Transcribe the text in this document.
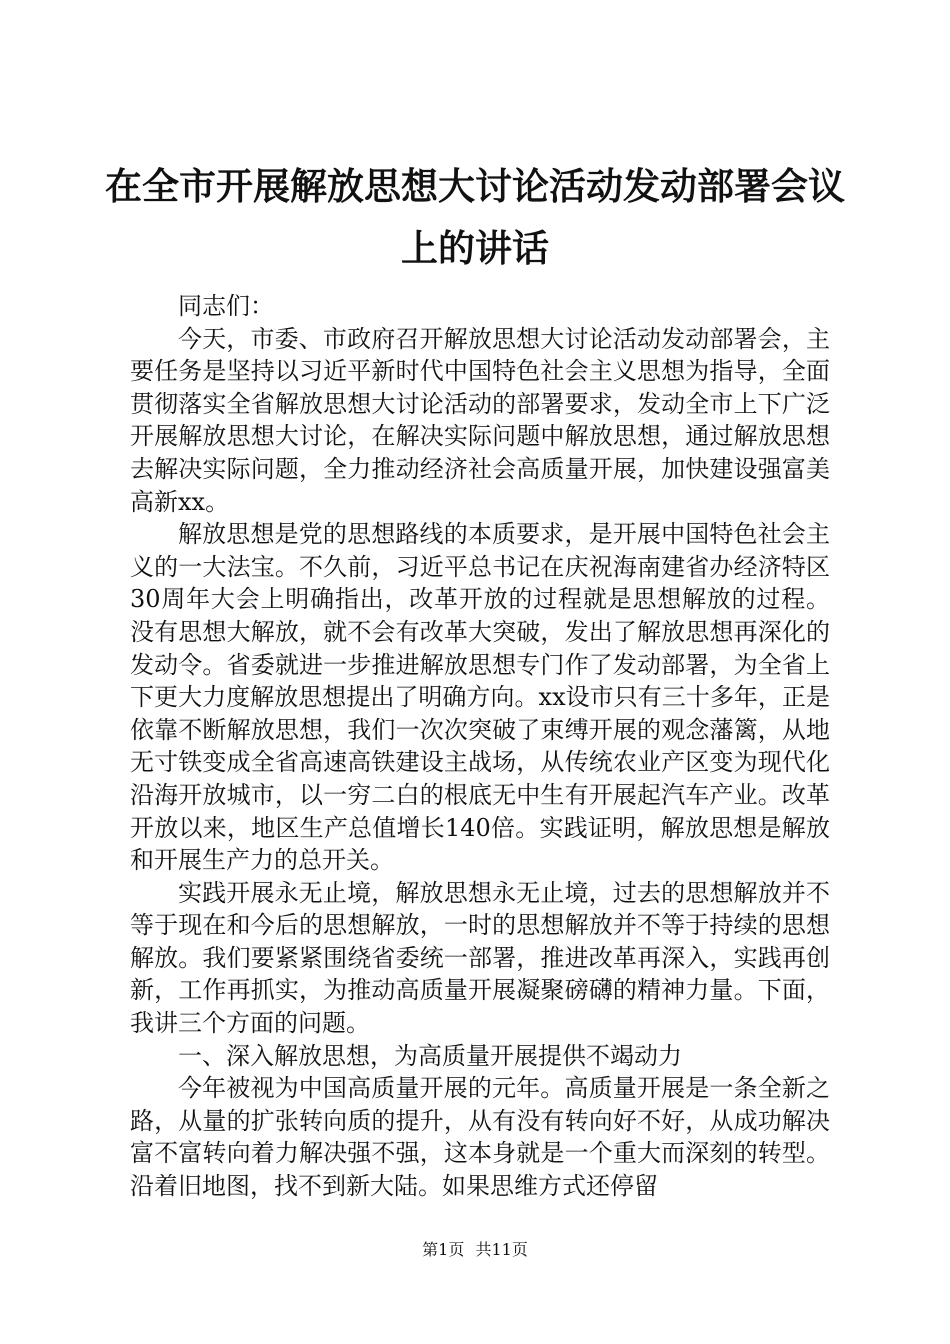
在全市开展解放思想大讨论活动发动部署会议上的讲话

同志们：

今天，市委、市政府召开解放思想大讨论活动发动部署会，主要任务是坚持以习近平新时代中国特色社会主义思想为指导，全面贯彻落实全省解放思想大讨论活动的部署要求，发动全市上下广泛开展解放思想大讨论，在解决实际问题中解放思想，通过解放思想去解决实际问题，全力推动经济社会高质量开展，加快建设强富美高新xx。

解放思想是党的思想路线的本质要求，是开展中国特色社会主义的一大法宝。不久前，习近平总书记在庆祝海南建省办经济特区30周年大会上明确指出，改革开放的过程就是思想解放的过程。没有思想大解放，就不会有改革大突破，发出了解放思想再深化的发动令。省委就进一步推进解放思想专门作了发动部署，为全省上下更大力度解放思想提出了明确方向。xx设市只有三十多年，正是依靠不断解放思想，我们一次次突破了束缚开展的观念藩篱，从地无寸铁变成全省高速高铁建设主战场，从传统农业产区变为现代化沿海开放城市，以一穷二白的根底无中生有开展起汽车产业。改革开放以来，地区生产总值增长140倍。实践证明，解放思想是解放和开展生产力的总开关。

实践开展永无止境，解放思想永无止境，过去的思想解放并不等于现在和今后的思想解放，一时的思想解放并不等于持续的思想解放。我们要紧紧围绕省委统一部署，推进改革再深入，实践再创新，工作再抓实，为推动高质量开展凝聚磅礴的精神力量。下面，我讲三个方面的问题。

一、深入解放思想，为高质量开展提供不竭动力

今年被视为中国高质量开展的元年。高质量开展是一条全新之路，从量的扩张转向质的提升，从有没有转向好不好，从成功解决富不富转向着力解决强不强，这本身就是一个重大而深刻的转型。沿着旧地图，找不到新大陆。如果思维方式还停留

第1页 共11页
